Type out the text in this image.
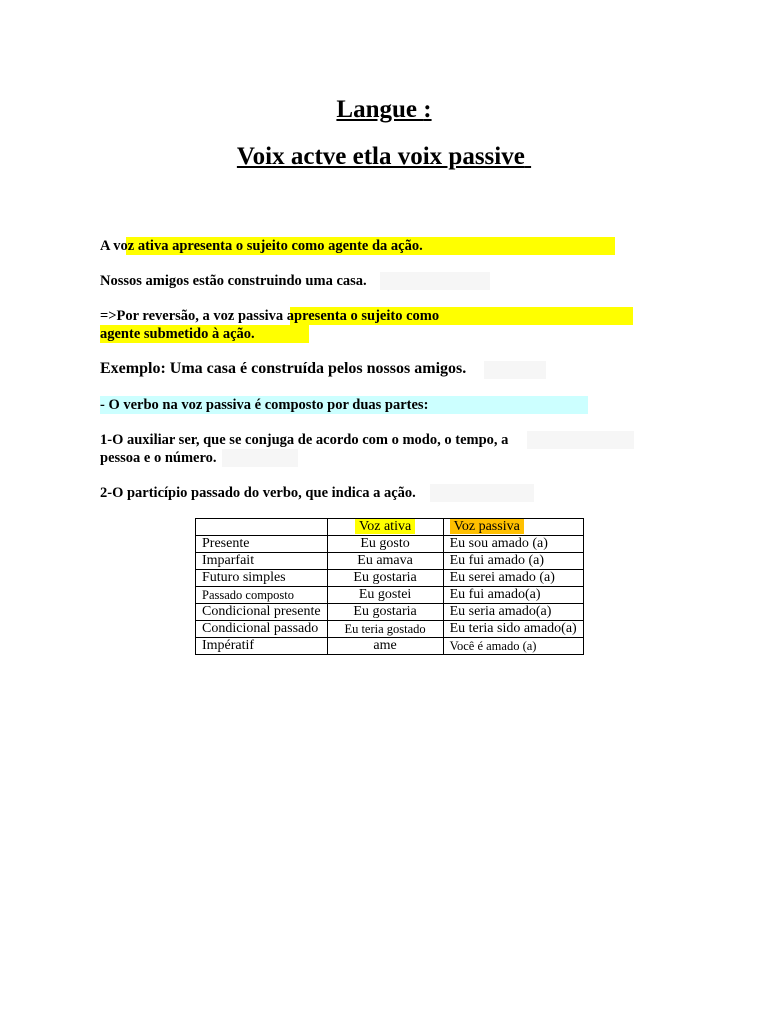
Langue :
Voix actve etla voix passive
A voz ativa apresenta o sujeito como agente da ação.
Nossos amigos estão construindo uma casa.
=>Por reversão, a voz passiva apresenta o sujeito como
agente submetido à ação.
Exemplo: Uma casa é construída pelos nossos amigos.
- O verbo na voz passiva é composto por duas partes:
1-O auxiliar ser, que se conjuga de acordo com o modo, o tempo, a
pessoa e o número.
2-O particípio passado do verbo, que indica a ação.
	Voz ativa	Voz passiva
Presente	Eu gosto	Eu sou amado (a)
Imparfait	Eu amava	Eu fui amado (a)
Futuro simples	Eu gostaria	Eu serei amado (a)
Passado composto	Eu gostei	Eu fui amado(a)
Condicional presente	Eu gostaria	Eu seria amado(a)
Condicional passado	Eu teria gostado	Eu teria sido amado(a)
Impératif	ame	Você é amado (a)
